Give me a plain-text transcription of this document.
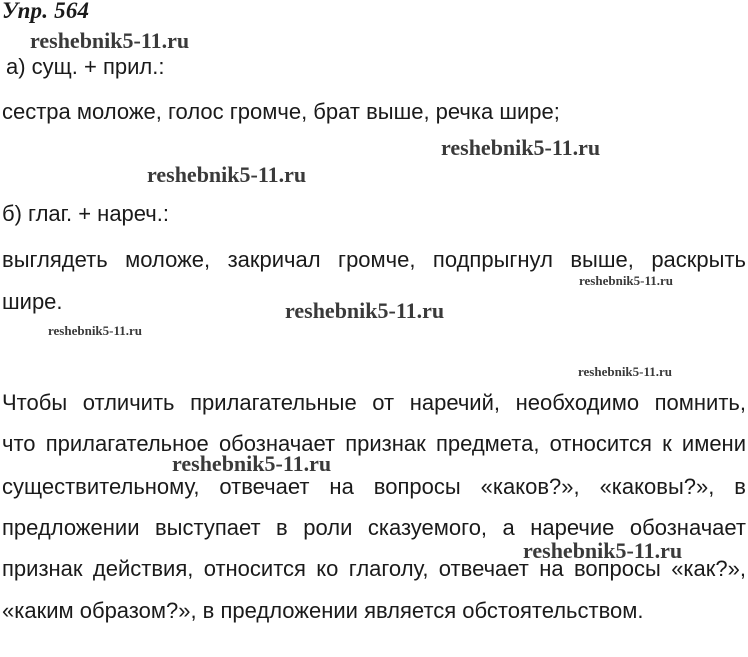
Упр. 564
а) сущ. + прил.:
сестра моложе, голос громче, брат выше, речка шире;
б) глаг. + нареч.:
выглядеть моложе, закричал громче, подпрыгнул выше, раскрыть
шире.
Чтобы отличить прилагательные от наречий, необходимо помнить,
что прилагательное обозначает признак предмета, относится к имени
существительному, отвечает на вопросы «каков?», «каковы?», в
предложении выступает в роли сказуемого, а наречие обозначает
признак действия, относится ко глаголу, отвечает на вопросы «как?»,
«каким образом?», в предложении является обстоятельством.
reshebnik5-11.ru
reshebnik5-11.ru
reshebnik5-11.ru
reshebnik5-11.ru
reshebnik5-11.ru
reshebnik5-11.ru
reshebnik5-11.ru
reshebnik5-11.ru
reshebnik5-11.ru
